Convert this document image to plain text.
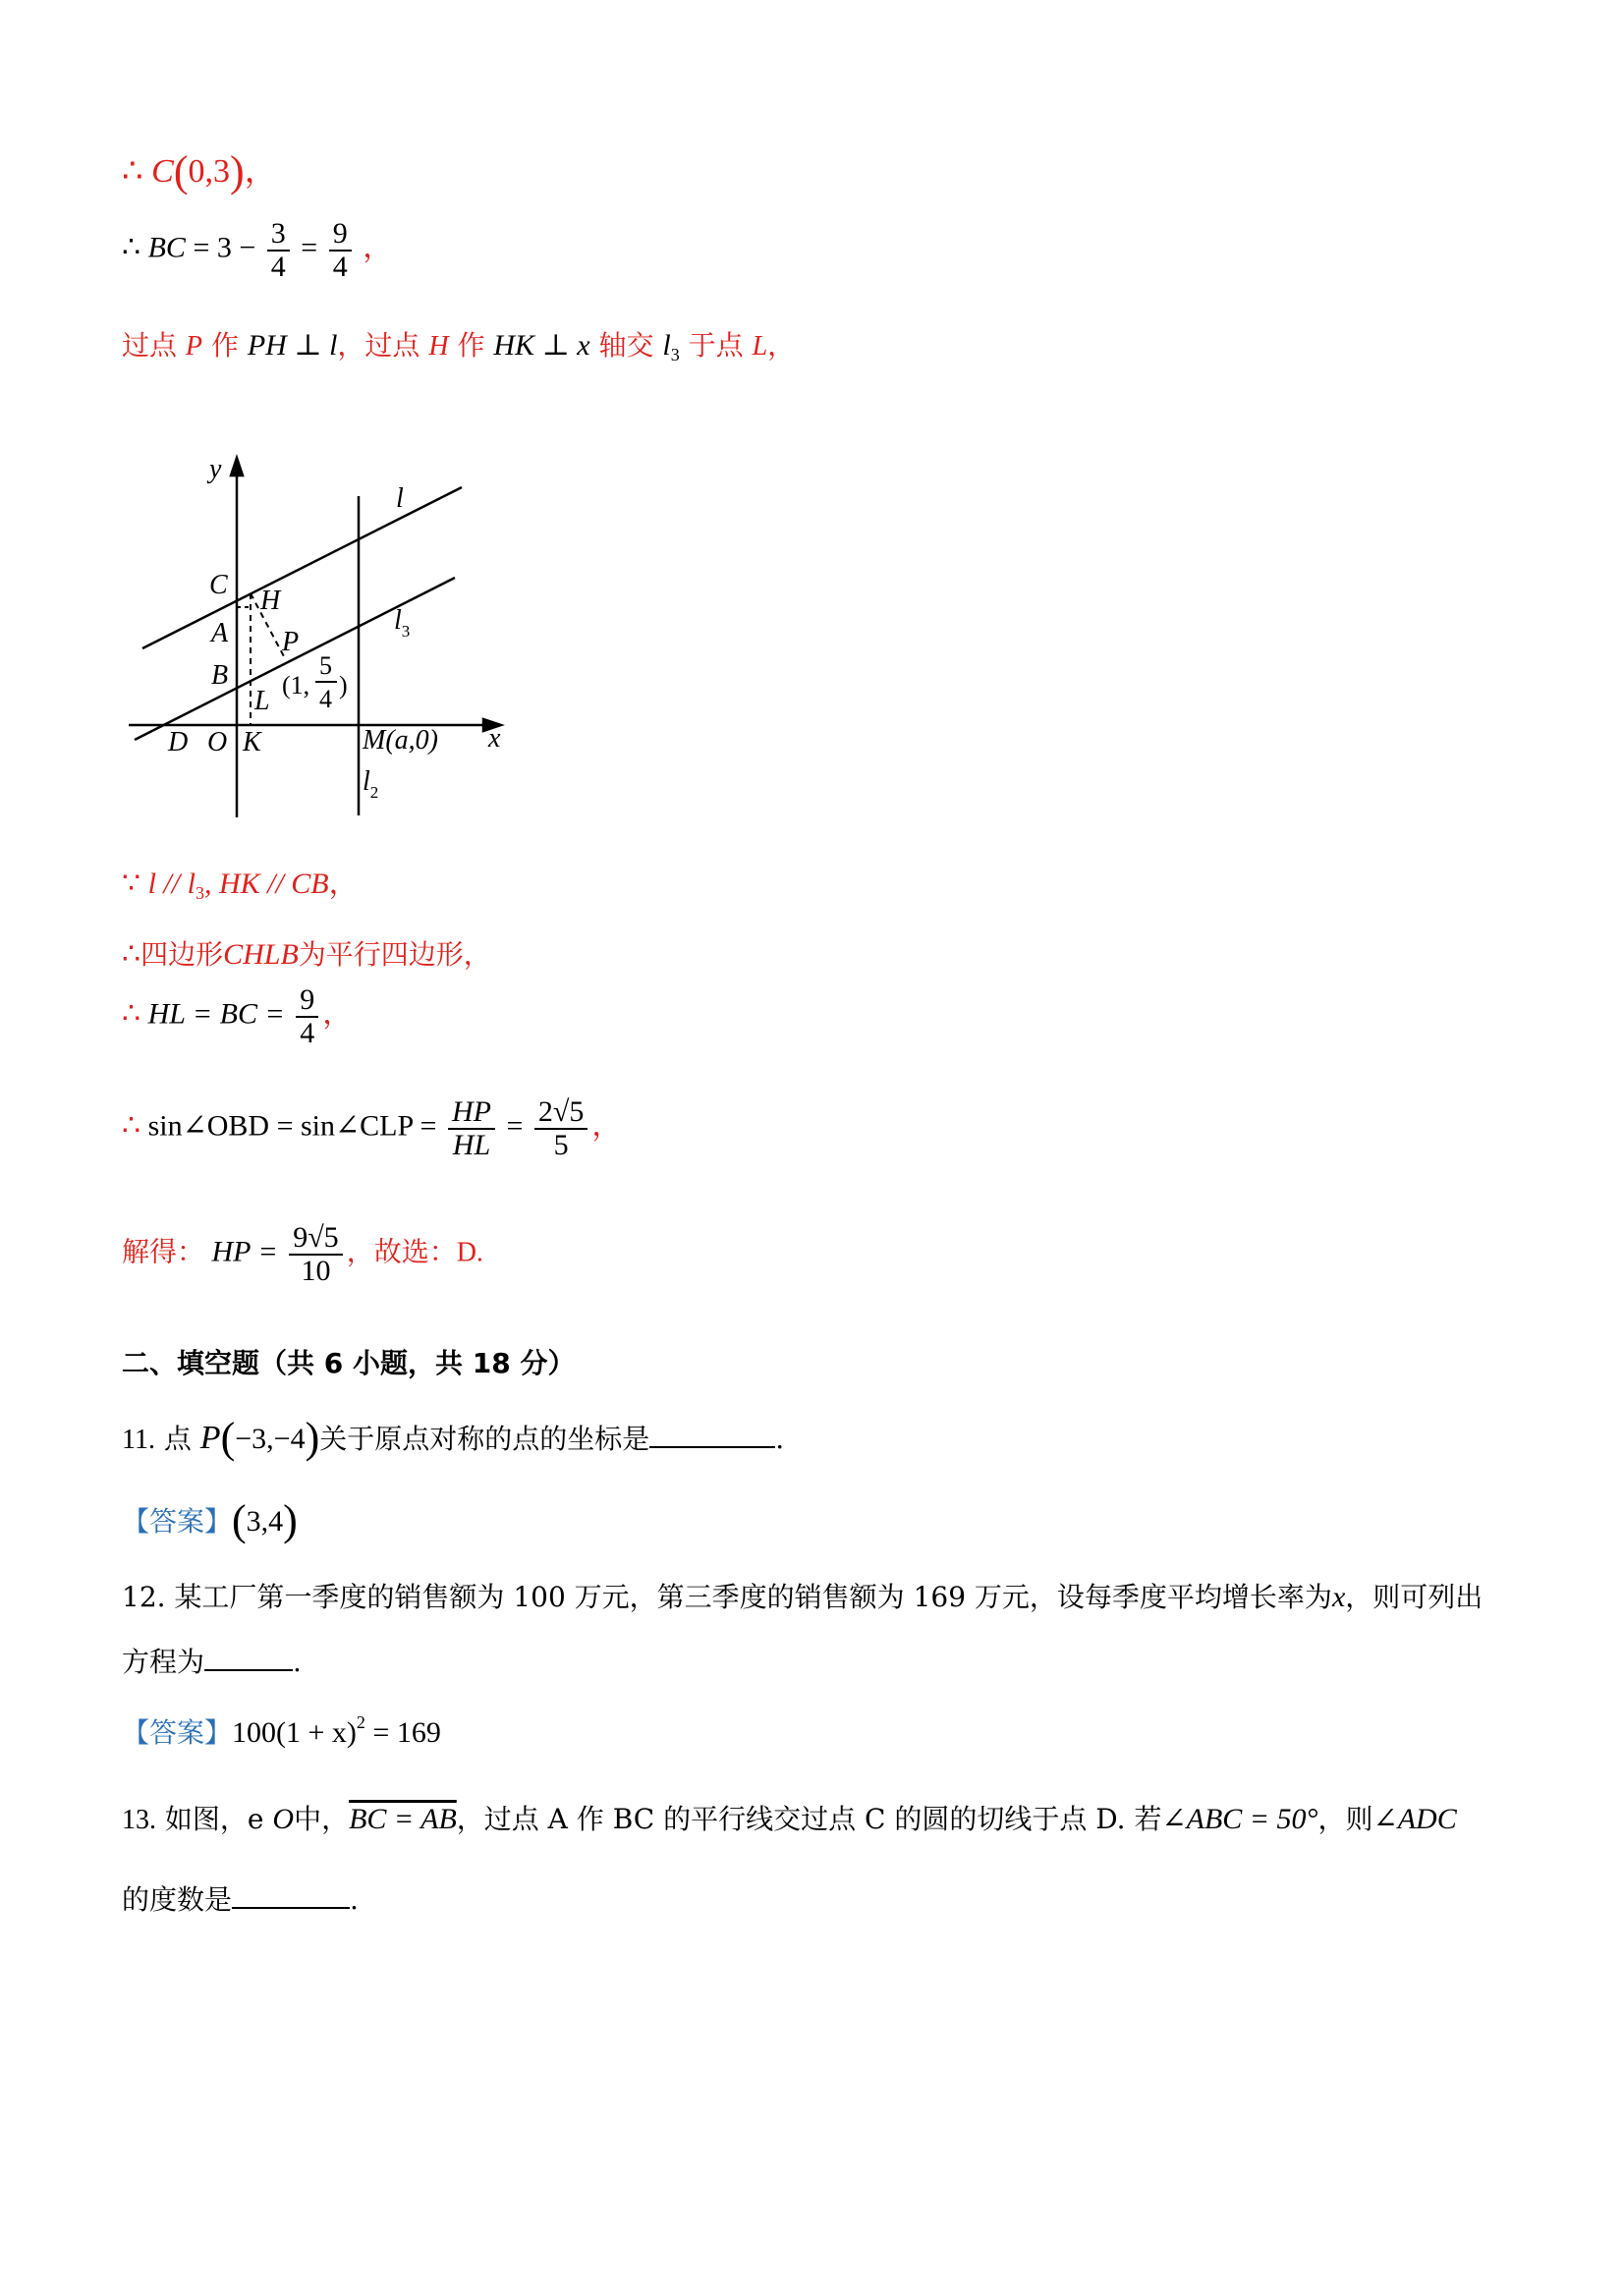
∴ C(0,3)，
∴ BC = $3 - \frac{3}{4} = \frac{9}{4}$ ，
过点 P 作 PH ⊥ l，过点 H 作 HK ⊥ x 轴交 $l_3$ 于点 L，
y
x
l
$l_3$
$l_2$
C
H
A P
B
L
D O K	M(a,0)
(1,
5
4 )
∵ l // $l_3$, HK // CB，
∴四边形CHLB为平行四边形，
∴ HL = BC = $\frac{9}{4}$ ，
∴ sin∠OBD = sin∠CLP = $\frac{HP}{HL} = \frac{2√5}{5}$ ，
解得： HP = $\frac{9√5}{10}$ ，故选：D.
二、填空题（共 6 小题，共 18 分）
11. 点 P(−3,−4)关于原点对称的点的坐标是	.
【答案】(3,4)
12. 某工厂第一季度的销售额为 100 万元，第三季度的销售额为 169 万元，设每季度平均增长率为x，则可列出
方程为	.
【答案】$100(1 + x)^2 = 169$
13. 如图，e O中，BC = AB，过点 A 作 BC 的平行线交过点 C 的圆的切线于点 D. 若∠ABC = 50°，则∠ADC
的度数是	.
